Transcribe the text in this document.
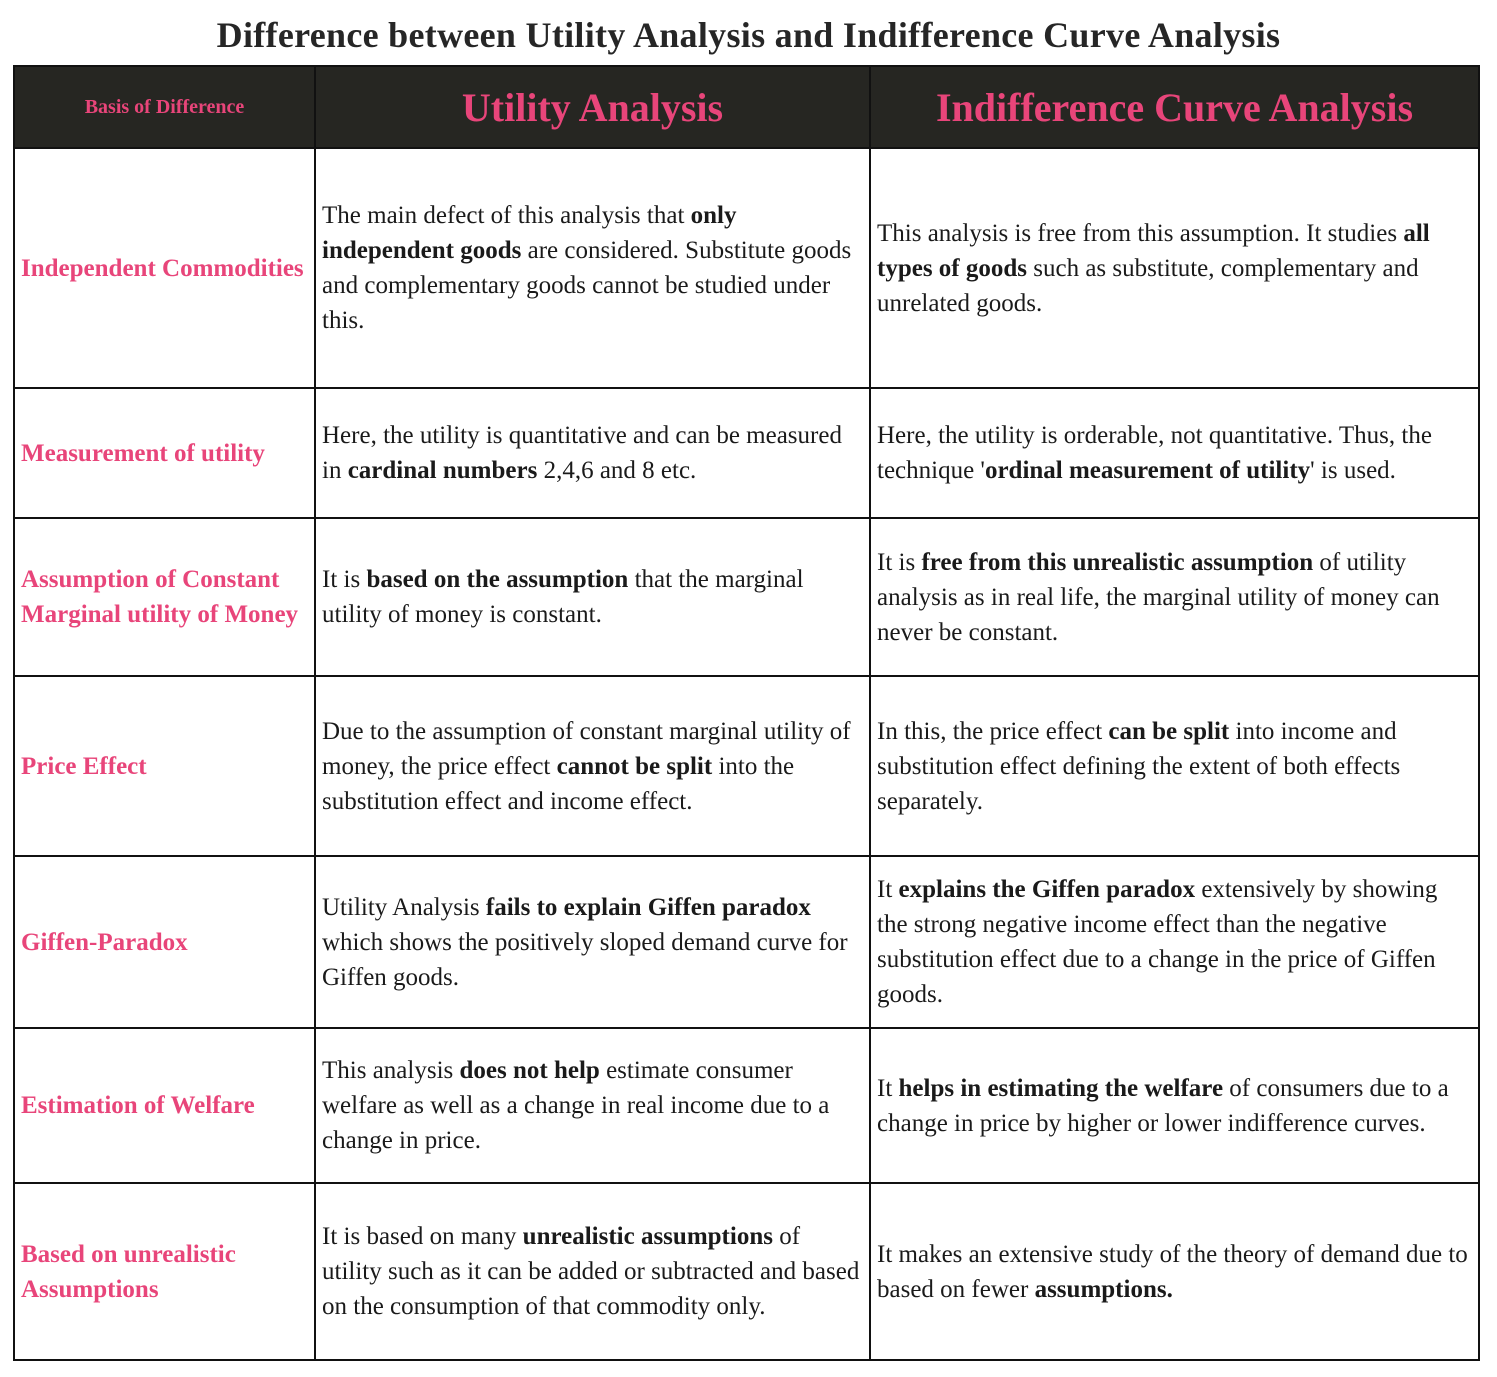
Difference between Utility Analysis and Indifference Curve Analysis
Basis of Difference	Utility Analysis	Indifference Curve Analysis
Independent Commodities	The main defect of this analysis that only independent goods are considered. Substitute goods and complementary goods cannot be studied under this.	This analysis is free from this assumption. It studies all types of goods such as substitute, complementary and unrelated goods.
Measurement of utility	Here, the utility is quantitative and can be measured in cardinal numbers 2,4,6 and 8 etc.	Here, the utility is orderable, not quantitative. Thus, the technique 'ordinal measurement of utility' is used.
Assumption of Constant Marginal utility of Money	It is based on the assumption that the marginal utility of money is constant.	It is free from this unrealistic assumption of utility analysis as in real life, the marginal utility of money can never be constant.
Price Effect	Due to the assumption of constant marginal utility of money, the price effect cannot be split into the substitution effect and income effect.	In this, the price effect can be split into income and substitution effect defining the extent of both effects separately.
Giffen-Paradox	Utility Analysis fails to explain Giffen paradox which shows the positively sloped demand curve for Giffen goods.	It explains the Giffen paradox extensively by showing the strong negative income effect than the negative substitution effect due to a change in the price of Giffen goods.
Estimation of Welfare	This analysis does not help estimate consumer welfare as well as a change in real income due to a change in price.	It helps in estimating the welfare of consumers due to a change in price by higher or lower indifference curves.
Based on unrealistic Assumptions	It is based on many unrealistic assumptions of utility such as it can be added or subtracted and based on the consumption of that commodity only.	It makes an extensive study of the theory of demand due to based on fewer assumptions.
